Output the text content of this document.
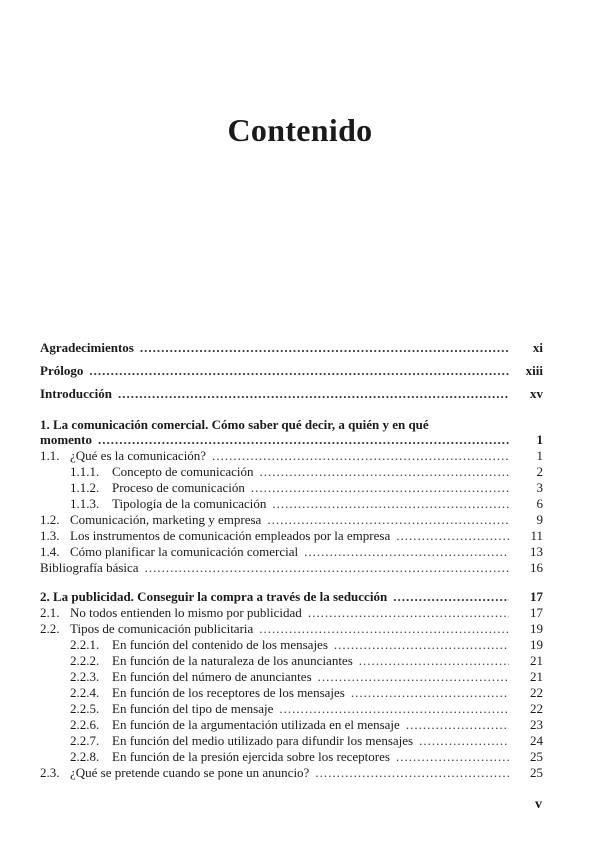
Contenido
Agradecimientos .....	xi
Prólogo .....	xiii
Introducción .....	xv
1. La comunicación comercial. Cómo saber qué decir, a quién y en qué
momento .....	1
1.1. ¿Qué es la comunicación? .....	1
1.1.1. Concepto de comunicación .....	2
1.1.2. Proceso de comunicación .....	3
1.1.3. Tipología de la comunicación .....	6
1.2. Comunicación, marketing y empresa .....	9
1.3. Los instrumentos de comunicación empleados por la empresa .....	11
1.4. Cómo planificar la comunicación comercial .....	13
Bibliografía básica .....	16
2. La publicidad. Conseguir la compra a través de la seducción .....	17
2.1. No todos entienden lo mismo por publicidad .....	17
2.2. Tipos de comunicación publicitaria .....	19
2.2.1. En función del contenido de los mensajes .....	19
2.2.2. En función de la naturaleza de los anunciantes .....	21
2.2.3. En función del número de anunciantes .....	21
2.2.4. En función de los receptores de los mensajes .....	22
2.2.5. En función del tipo de mensaje .....	22
2.2.6. En función de la argumentación utilizada en el mensaje .....	23
2.2.7. En función del medio utilizado para difundir los mensajes .....	24
2.2.8. En función de la presión ejercida sobre los receptores .....	25
2.3. ¿Qué se pretende cuando se pone un anuncio? .....	25
v
